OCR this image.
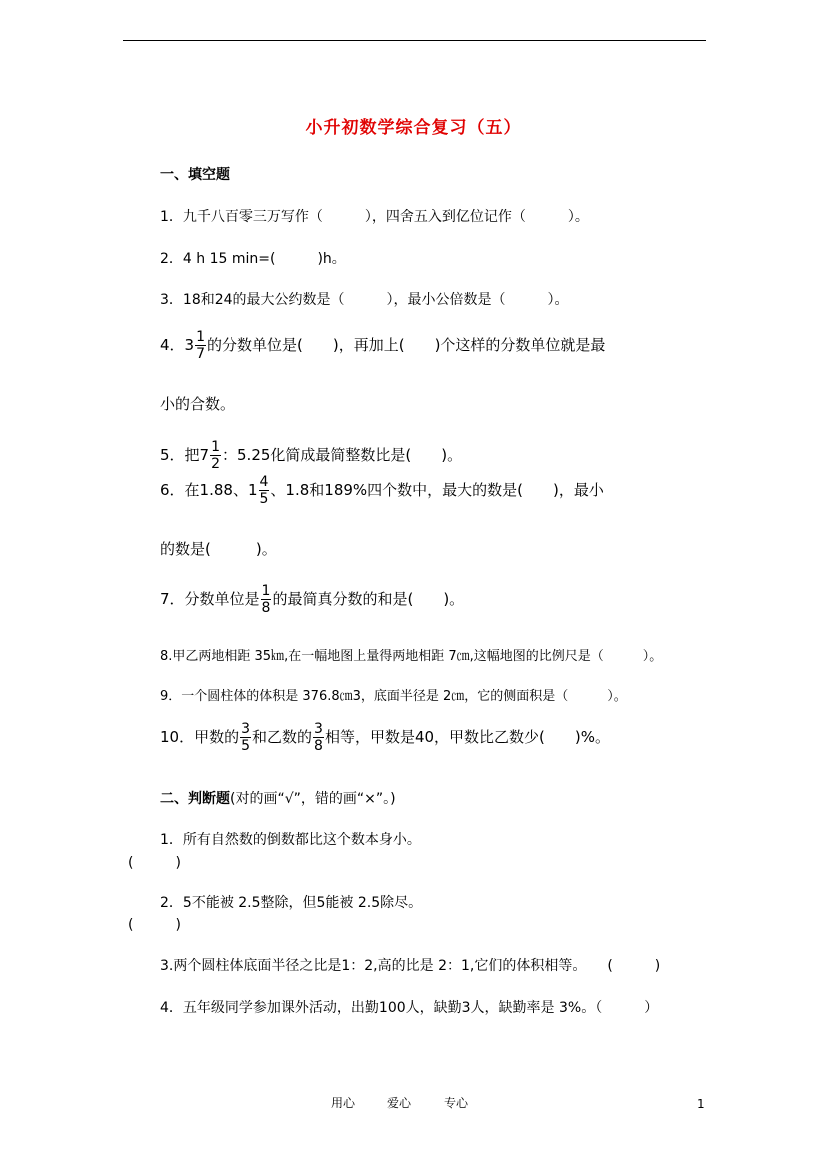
小升初数学综合复习（五）
一、填空题
1．九千八百零三万写作（　　　），四舍五入到亿位记作（　　　）。
2．4 h 15 min=(　　　)h。
3．18和24的最大公约数是（　　　），最小公倍数是（　　　）。
4．$3 \frac{1}{7}$ 的分数单位是(　　)，再加上(　　)个这样的分数单位就是最
小的合数。
5．把$7 \frac{1}{2}$ ：5.25化简成最简整数比是(　　)。
6．在1.88、$1 \frac{4}{5}$ 、1.8和189%四个数中，最大的数是(　　)，最小
的数是(　　　)。
7．分数单位是 $\frac{1}{8}$ 的最简真分数的和是(　　)。
8.甲乙两地相距 35㎞,在一幅地图上量得两地相距 7㎝,这幅地图的比例尺是（　　　）。
9．一个圆柱体的体积是 376.8㎝3，底面半径是 2㎝，它的侧面积是（　　　）。
10．甲数的 $\frac{3}{5}$ 和乙数的 $\frac{3}{8}$ 相等，甲数是40，甲数比乙数少(　　)%。
二、判断题(对的画“√”，错的画“×”。)
1．所有自然数的倒数都比这个数本身小。
(　　　)
2．5不能被 2.5整除，但5能被 2.5除尽。
(　　　)
3.两个圆柱体底面半径之比是1：2,高的比是 2：1,它们的体积相等。　　(　　　)
4．五年级同学参加课外活动，出勤100人，缺勤3人，缺勤率是 3%。（　　　）
用心	爱心	专心	1
